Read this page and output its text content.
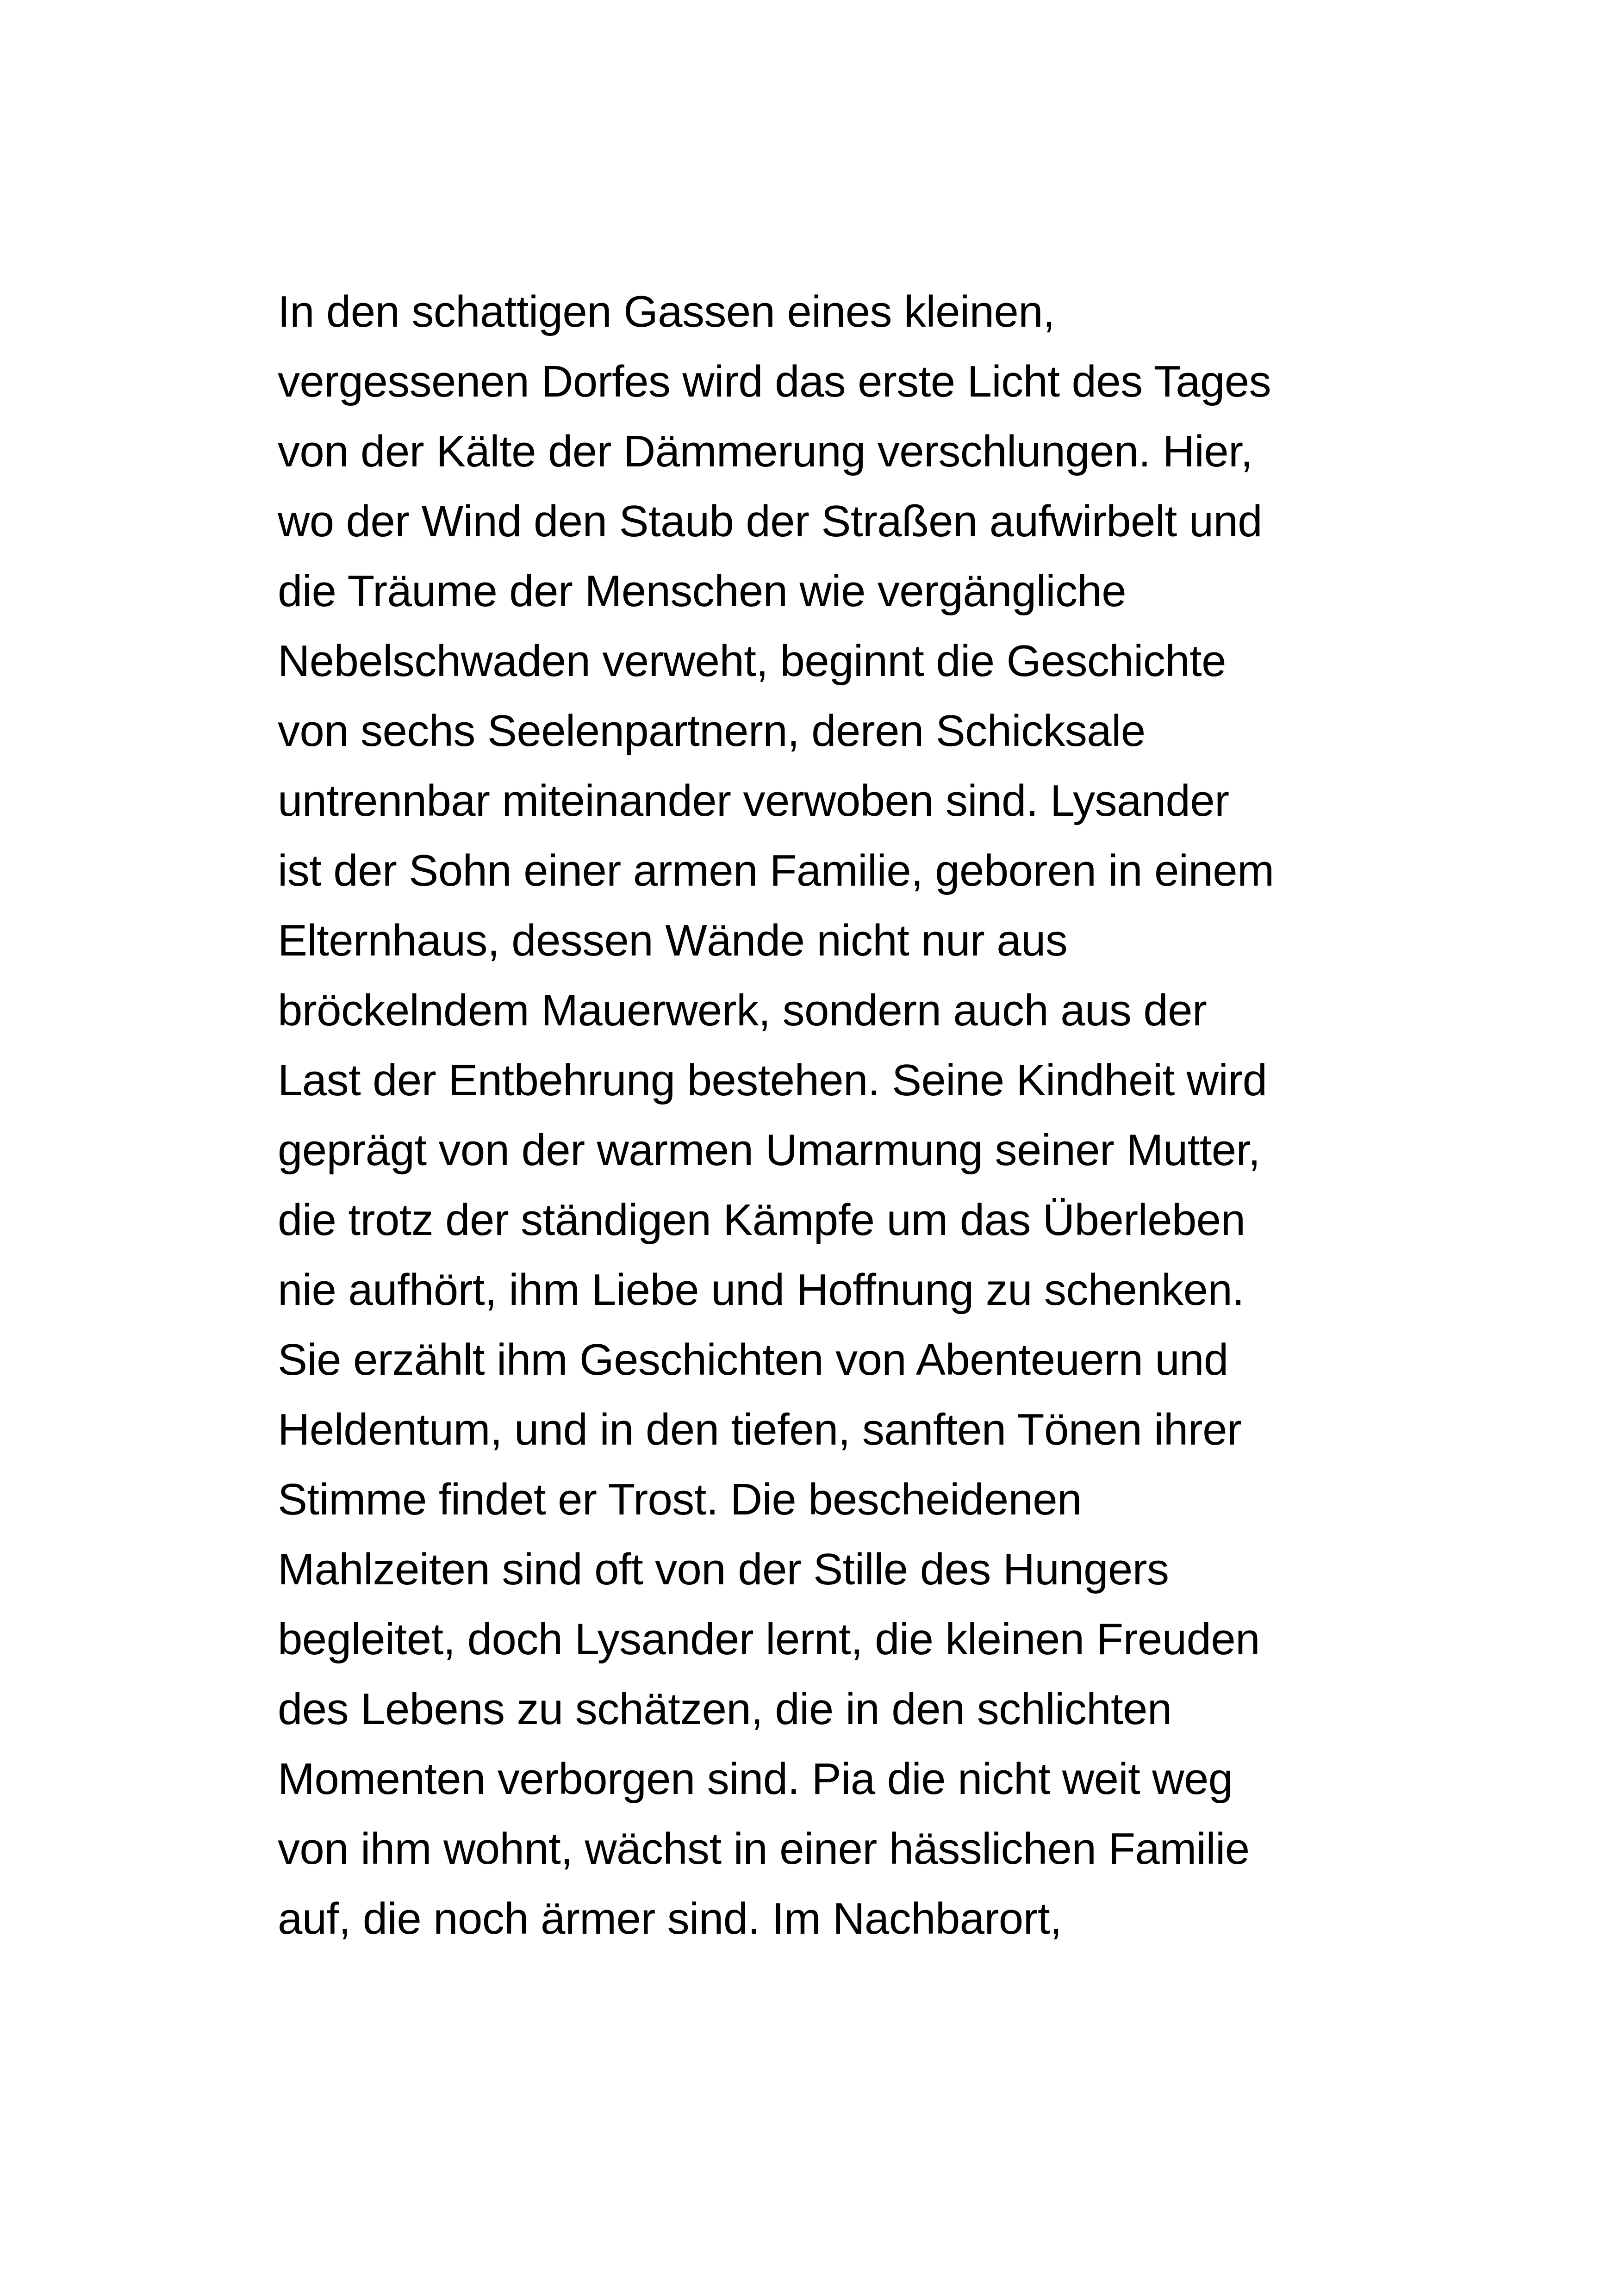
In den schattigen Gassen eines kleinen,
vergessenen Dorfes wird das erste Licht des Tages
von der Kälte der Dämmerung verschlungen. Hier,
wo der Wind den Staub der Straßen aufwirbelt und
die Träume der Menschen wie vergängliche
Nebelschwaden verweht, beginnt die Geschichte
von sechs Seelenpartnern, deren Schicksale
untrennbar miteinander verwoben sind. Lysander
ist der Sohn einer armen Familie, geboren in einem
Elternhaus, dessen Wände nicht nur aus
bröckelndem Mauerwerk, sondern auch aus der
Last der Entbehrung bestehen. Seine Kindheit wird
geprägt von der warmen Umarmung seiner Mutter,
die trotz der ständigen Kämpfe um das Überleben
nie aufhört, ihm Liebe und Hoffnung zu schenken.
Sie erzählt ihm Geschichten von Abenteuern und
Heldentum, und in den tiefen, sanften Tönen ihrer
Stimme findet er Trost. Die bescheidenen
Mahlzeiten sind oft von der Stille des Hungers
begleitet, doch Lysander lernt, die kleinen Freuden
des Lebens zu schätzen, die in den schlichten
Momenten verborgen sind. Pia die nicht weit weg
von ihm wohnt, wächst in einer hässlichen Familie
auf, die noch ärmer sind. Im Nachbarort,
